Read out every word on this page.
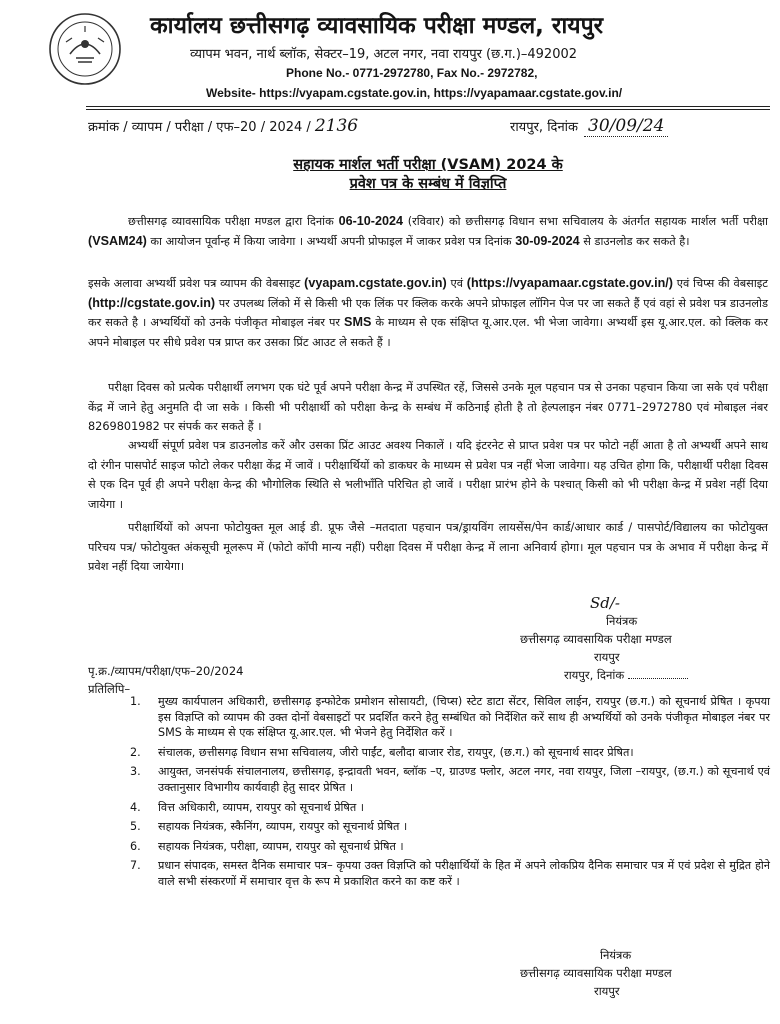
कार्यालय छत्तीसगढ़ व्यावसायिक परीक्षा मण्डल, रायपुर
व्यापम भवन, नार्थ ब्लॉक, सेक्टर–19, अटल नगर, नवा रायपुर (छ.ग.)–492002
Phone No.- 0771-2972780, Fax No.- 2972782,
Website- https://vyapam.cgstate.gov.in, https://vyapamaar.cgstate.gov.in/
क्रमांक / व्यापम / परीक्षा / एफ–20 / 2024 / 2136	रायपुर, दिनांक 30/09/24
सहायक मार्शल भर्ती परीक्षा (VSAM) 2024 के
प्रवेश पत्र के सम्बंध में विज्ञप्ति
छत्तीसगढ़ व्यावसायिक परीक्षा मण्डल द्वारा दिनांक 06-10-2024 (रविवार) को छत्तीसगढ़ विधान सभा सचिवालय के अंतर्गत सहायक मार्शल भर्ती परीक्षा (VSAM24) का आयोजन पूर्वान्ह में किया जावेगा । अभ्यर्थी अपनी प्रोफाइल में जाकर प्रवेश पत्र दिनांक 30-09-2024 से डाउनलोड कर सकते है।
इसके अलावा अभ्यर्थी प्रवेश पत्र व्यापम की वेबसाइट (vyapam.cgstate.gov.in) एवं (https://vyapamaar.cgstate.gov.in/) एवं चिप्स की वेबसाइट (http://cgstate.gov.in) पर उपलब्ध लिंको में से किसी भी एक लिंक पर क्लिक करके अपने प्रोफाइल लॉगिन पेज पर जा सकते हैं एवं वहां से प्रवेश पत्र डाउनलोड कर सकते है । अभ्यर्थियों को उनके पंजीकृत मोबाइल नंबर पर SMS के माध्यम से एक संक्षिप्त यू.आर.एल. भी भेजा जावेगा। अभ्यर्थी इस यू.आर.एल. को क्लिक कर अपने मोबाइल पर सीधे प्रवेश पत्र प्राप्त कर उसका प्रिंट आउट ले सकते हैं ।
परीक्षा दिवस को प्रत्येक परीक्षार्थी लगभग एक घंटे पूर्व अपने परीक्षा केन्द्र में उपस्थित रहें, जिससे उनके मूल पहचान पत्र से उनका पहचान किया जा सके एवं परीक्षा केंद्र में जाने हेतु अनुमति दी जा सके । किसी भी परीक्षार्थी को परीक्षा केन्द्र के सम्बंध में कठिनाई होती है तो हेल्पलाइन नंबर 0771–2972780 एवं मोबाइल नंबर 8269801982 पर संपर्क कर सकते हैं ।
अभ्यर्थी संपूर्ण प्रवेश पत्र डाउनलोड करें और उसका प्रिंट आउट अवश्य निकालें । यदि इंटरनेट से प्राप्त प्रवेश पत्र पर फोटो नहीं आता है तो अभ्यर्थी अपने साथ दो रंगीन पासपोर्ट साइज फोटो लेकर परीक्षा केंद्र में जावें । परीक्षार्थियों को डाकघर के माध्यम से प्रवेश पत्र नहीं भेजा जावेगा। यह उचित होगा कि, परीक्षार्थी परीक्षा दिवस से एक दिन पूर्व ही अपने परीक्षा केन्द्र की भौगोलिक स्थिति से भलीभाँति परिचित हो जावें । परीक्षा प्रारंभ होने के पश्चात् किसी को भी परीक्षा केन्द्र में प्रवेश नहीं दिया जायेगा ।
परीक्षार्थियों को अपना फोटोयुक्त मूल आई डी. प्रूफ जैसे –मतदाता पहचान पत्र/ड्रायविंग लायसेंस/पेन कार्ड/आधार कार्ड / पासपोर्ट/विद्यालय का फोटोयुक्त परिचय पत्र/ फोटोयुक्त अंकसूची मूलरूप में (फोटो कॉपी मान्य नहीं) परीक्षा दिवस में परीक्षा केन्द्र में लाना अनिवार्य होगा। मूल पहचान पत्र के अभाव में परीक्षा केन्द्र में प्रवेश नहीं दिया जायेगा।
Sd/-
नियंत्रक
छत्तीसगढ़ व्यावसायिक परीक्षा मण्डल
रायपुर
रायपुर, दिनांक
पृ.क्र./व्यापम/परीक्षा/एफ–20/2024
प्रतिलिपि–
1.	मुख्य कार्यपालन अधिकारी, छत्तीसगढ़ इन्फोटेक प्रमोशन सोसायटी, (चिप्स) स्टेट डाटा सेंटर, सिविल लाईन, रायपुर (छ.ग.) को सूचनार्थ प्रेषित । कृपया इस विज्ञप्ति को व्यापम की उक्त दोनों वेबसाइटों पर प्रदर्शित करने हेतु सम्बंधित को निर्देशित करें साथ ही अभ्यर्थियों को उनके पंजीकृत मोबाइल नंबर पर SMS के माध्यम से एक संक्षिप्त यू.आर.एल. भी भेजने हेतु निर्देशित करें ।
2.	संचालक, छत्तीसगढ़ विधान सभा सचिवालय, जीरो पाईंट, बलौदा बाजार रोड, रायपुर, (छ.ग.) को सूचनार्थ सादर प्रेषित।
3.	आयुक्त, जनसंपर्क संचालनालय, छत्तीसगढ़, इन्द्रावती भवन, ब्लॉक –ए, ग्राउण्ड फ्लोर, अटल नगर, नवा रायपुर, जिला –रायपुर, (छ.ग.) को सूचनार्थ एवं उक्तानुसार विभागीय कार्यवाही हेतु सादर प्रेषित ।
4.	वित्त अधिकारी, व्यापम, रायपुर को सूचनार्थ प्रेषित ।
5.	सहायक नियंत्रक, स्कैनिंग, व्यापम, रायपुर को सूचनार्थ प्रेषित ।
6.	सहायक नियंत्रक, परीक्षा, व्यापम, रायपुर को सूचनार्थ प्रेषित ।
7.	प्रधान संपादक, समस्त दैनिक समाचार पत्र– कृपया उक्त विज्ञप्ति को परीक्षार्थियों के हित में अपने लोकप्रिय दैनिक समाचार पत्र में एवं प्रदेश से मुद्रित होने वाले सभी संस्करणों में समाचार वृत्त के रूप मे प्रकाशित करने का कष्ट करें ।
नियंत्रक
छत्तीसगढ़ व्यावसायिक परीक्षा मण्डल
रायपुर
